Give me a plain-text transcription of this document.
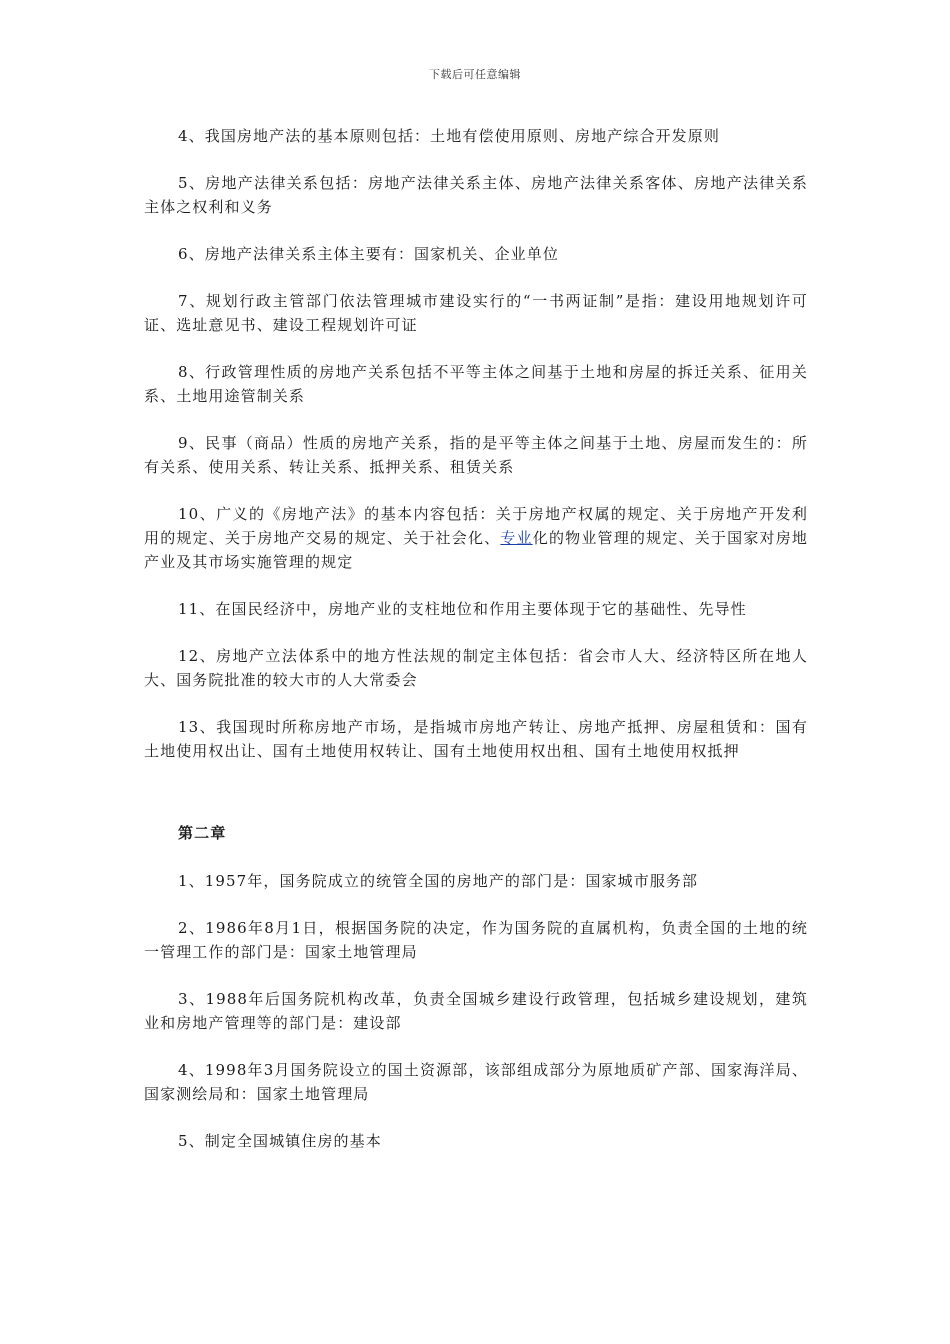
下载后可任意编辑

4、我国房地产法的基本原则包括：土地有偿使用原则、房地产综合开发原则

5、房地产法律关系包括：房地产法律关系主体、房地产法律关系客体、房地产法律关系主体之权利和义务

6、房地产法律关系主体主要有：国家机关、企业单位

7、规划行政主管部门依法管理城市建设实行的“一书两证制”是指：建设用地规划许可证、选址意见书、建设工程规划许可证

8、行政管理性质的房地产关系包括不平等主体之间基于土地和房屋的拆迁关系、征用关系、土地用途管制关系

9、民事（商品）性质的房地产关系，指的是平等主体之间基于土地、房屋而发生的：所有关系、使用关系、转让关系、抵押关系、租赁关系

10、广义的《房地产法》的基本内容包括：关于房地产权属的规定、关于房地产开发利用的规定、关于房地产交易的规定、关于社会化、专业化的物业管理的规定、关于国家对房地产业及其市场实施管理的规定

11、在国民经济中，房地产业的支柱地位和作用主要体现于它的基础性、先导性

12、房地产立法体系中的地方性法规的制定主体包括：省会市人大、经济特区所在地人大、国务院批准的较大市的人大常委会

13、我国现时所称房地产市场，是指城市房地产转让、房地产抵押、房屋租赁和：国有土地使用权出让、国有土地使用权转让、国有土地使用权出租、国有土地使用权抵押

第二章

1、1957年，国务院成立的统管全国的房地产的部门是：国家城市服务部

2、1986年8月1日，根据国务院的决定，作为国务院的直属机构，负责全国的土地的统一管理工作的部门是：国家土地管理局

3、1988年后国务院机构改革，负责全国城乡建设行政管理，包括城乡建设规划，建筑业和房地产管理等的部门是：建设部

4、1998年3月国务院设立的国土资源部，该部组成部分为原地质矿产部、国家海洋局、国家测绘局和：国家土地管理局

5、制定全国城镇住房的基本
